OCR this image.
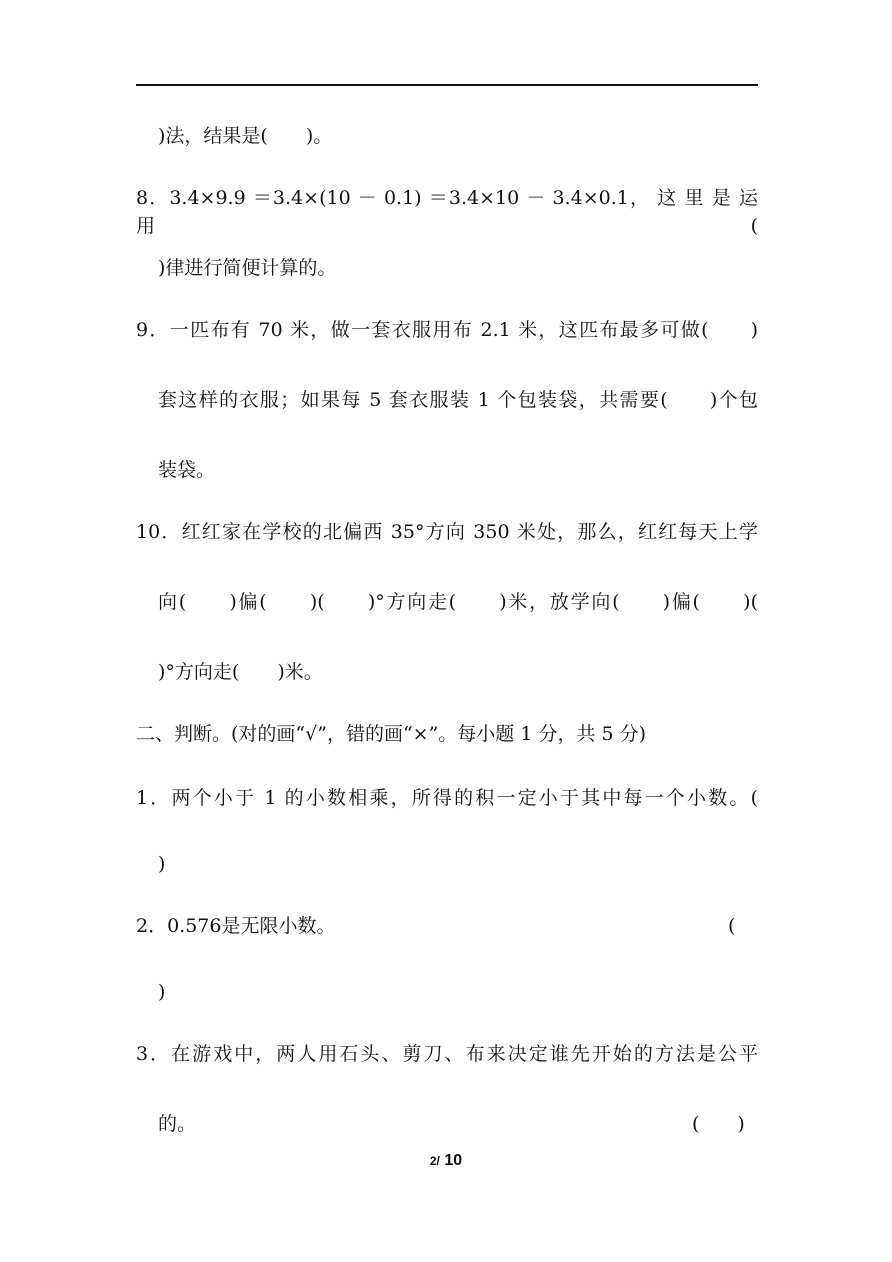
)法，结果是(　　)。
8．3.4×9.9 ＝3.4×(10 － 0.1) ＝3.4×10 － 3.4×0.1， 这 里 是 运 用(
)律进行简便计算的。
9．一匹布有 70 米，做一套衣服用布 2.1 米，这匹布最多可做(　　)
套这样的衣服；如果每 5 套衣服装 1 个包装袋，共需要(　　)个包
装袋。
10．红红家在学校的北偏西 35°方向 350 米处，那么，红红每天上学
向(　　)偏(　　)(　　)°方向走(　　)米，放学向(　　)偏(　　)(
)°方向走(　　)米。
二、判断。(对的画“√”，错的画“×”。每小题 1 分，共 5 分)
1．两个小于 1 的小数相乘，所得的积一定小于其中每一个小数。(
)
2．0.576是无限小数。	(
)
3．在游戏中，两人用石头、剪刀、布来决定谁先开始的方法是公平
的。	(　　)
2/ 10
